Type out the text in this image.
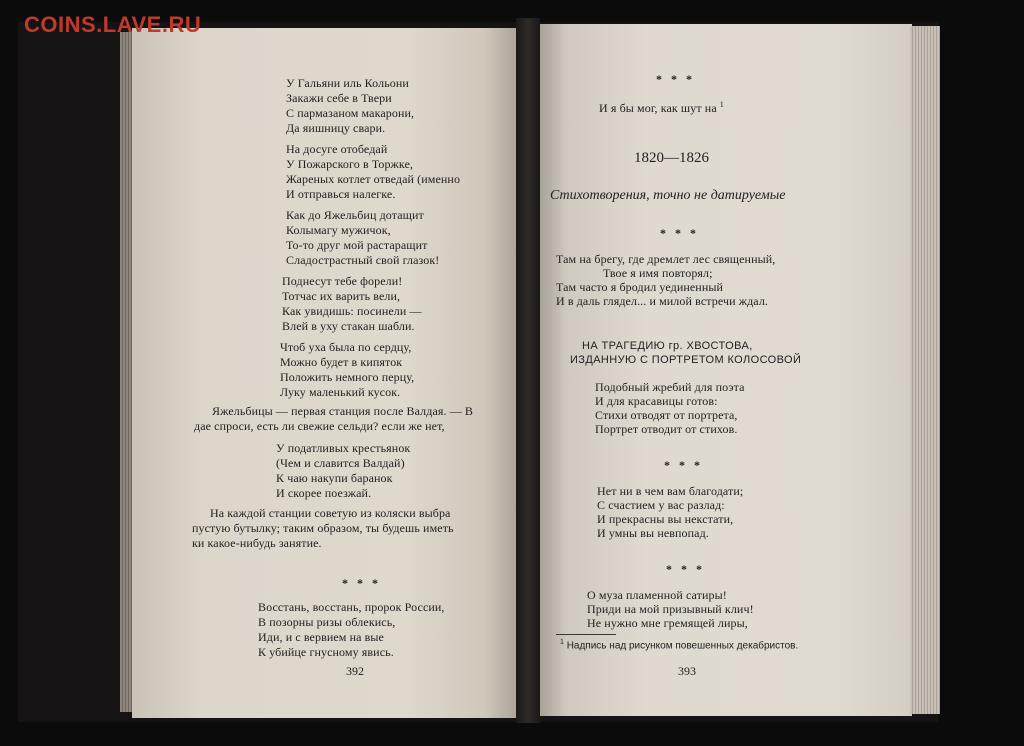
COINS.LAVE.RU
У Гальяни иль Кольони
Закажи себе в Твери
С пармазаном макарони,
Да яишницу свари.
На досуге отобедай
У Пожарского в Торжке,
Жареных котлет отведай (именно
И отправься налегке.
Как до Яжельбиц дотащит
Колымагу мужичок,
То-то друг мой растаращит
Сладострастный свой глазок!
Поднесут тебе форели!
Тотчас их варить вели,
Как увидишь: посинели —
Влей в уху стакан шабли.
Чтоб уха была по сердцу,
Можно будет в кипяток
Положить немного перцу,
Луку маленький кусок.
Яжельбицы — первая станция после Валдая. — В
дае спроси, есть ли свежие сельди? если же нет,
У податливых крестьянок
(Чем и славится Валдай)
К чаю накупи баранок
И скорее поезжай.
На каждой станции советую из коляски выбра
пустую бутылку; таким образом, ты будешь иметь
ки какое-нибудь занятие.
* * *
Восстань, восстань, пророк России,
В позорны ризы облекись,
Иди, и с вервием на вые
К убийце гнусному явись.
392
* * *
И я бы мог, как шут на $^1$
1820—1826
Стихотворения, точно не датируемые
* * *
Там на брегу, где дремлет лес священный,
Твое я имя повторял;
Там часто я бродил уединенный
И в даль глядел... и милой встречи ждал.
НА ТРАГЕДИЮ гр. ХВОСТОВА,
ИЗДАННУЮ С ПОРТРЕТОМ КОЛОСОВОЙ
Подобный жребий для поэта
И для красавицы готов:
Стихи отводят от портрета,
Портрет отводит от стихов.
* * *
Нет ни в чем вам благодати;
С счастием у вас разлад:
И прекрасны вы некстати,
И умны вы невпопад.
* * *
О муза пламенной сатиры!
Приди на мой призывный клич!
Не нужно мне гремящей лиры,
$^1$ Надпись над рисунком повешенных декабристов.
393
